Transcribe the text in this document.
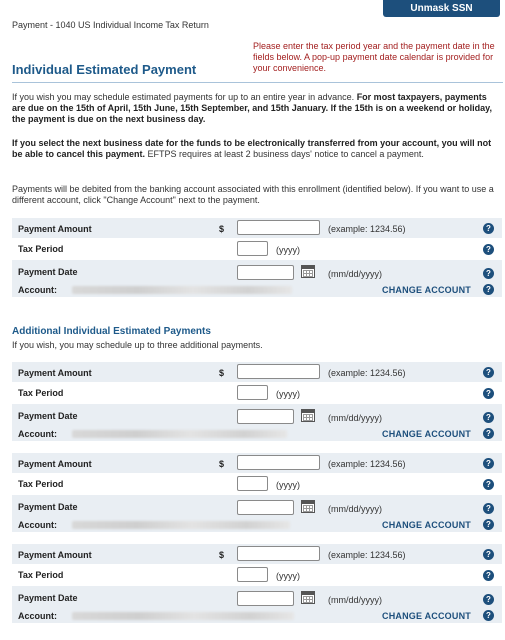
Unmask SSN
Payment - 1040 US Individual Income Tax Return
Please enter the tax period year and the payment date in the fields below. A pop-up payment date calendar is provided for your convenience.
Individual Estimated Payment
If you wish you may schedule estimated payments for up to an entire year in advance. For most taxpayers, payments are due on the 15th of April, 15th June, 15th September, and 15th January. If the 15th is on a weekend or holiday, the payment is due on the next business day.
If you select the next business date for the funds to be electronically transferred from your account, you will not be able to cancel this payment. EFTPS requires at least 2 business days' notice to cancel a payment.
Payments will be debited from the banking account associated with this enrollment (identified below). If you want to use a different account, click "Change Account" next to the payment.
Additional Individual Estimated Payments
If you wish, you may schedule up to three additional payments.
Payment Amount	$	(example: 1234.56)	?
Tax Period	(yyyy)	?
Payment Date	(mm/dd/yyyy)	?
Account:	CHANGE ACCOUNT	?
Payment Amount	$	(example: 1234.56)	?
Tax Period	(yyyy)	?
Payment Date	(mm/dd/yyyy)	?
Account:	CHANGE ACCOUNT	?
Payment Amount	$	(example: 1234.56)	?
Tax Period	(yyyy)	?
Payment Date	(mm/dd/yyyy)	?
Account:	CHANGE ACCOUNT	?
Payment Amount	$	(example: 1234.56)	?
Tax Period	(yyyy)	?
Payment Date	(mm/dd/yyyy)	?
Account:	CHANGE ACCOUNT	?
